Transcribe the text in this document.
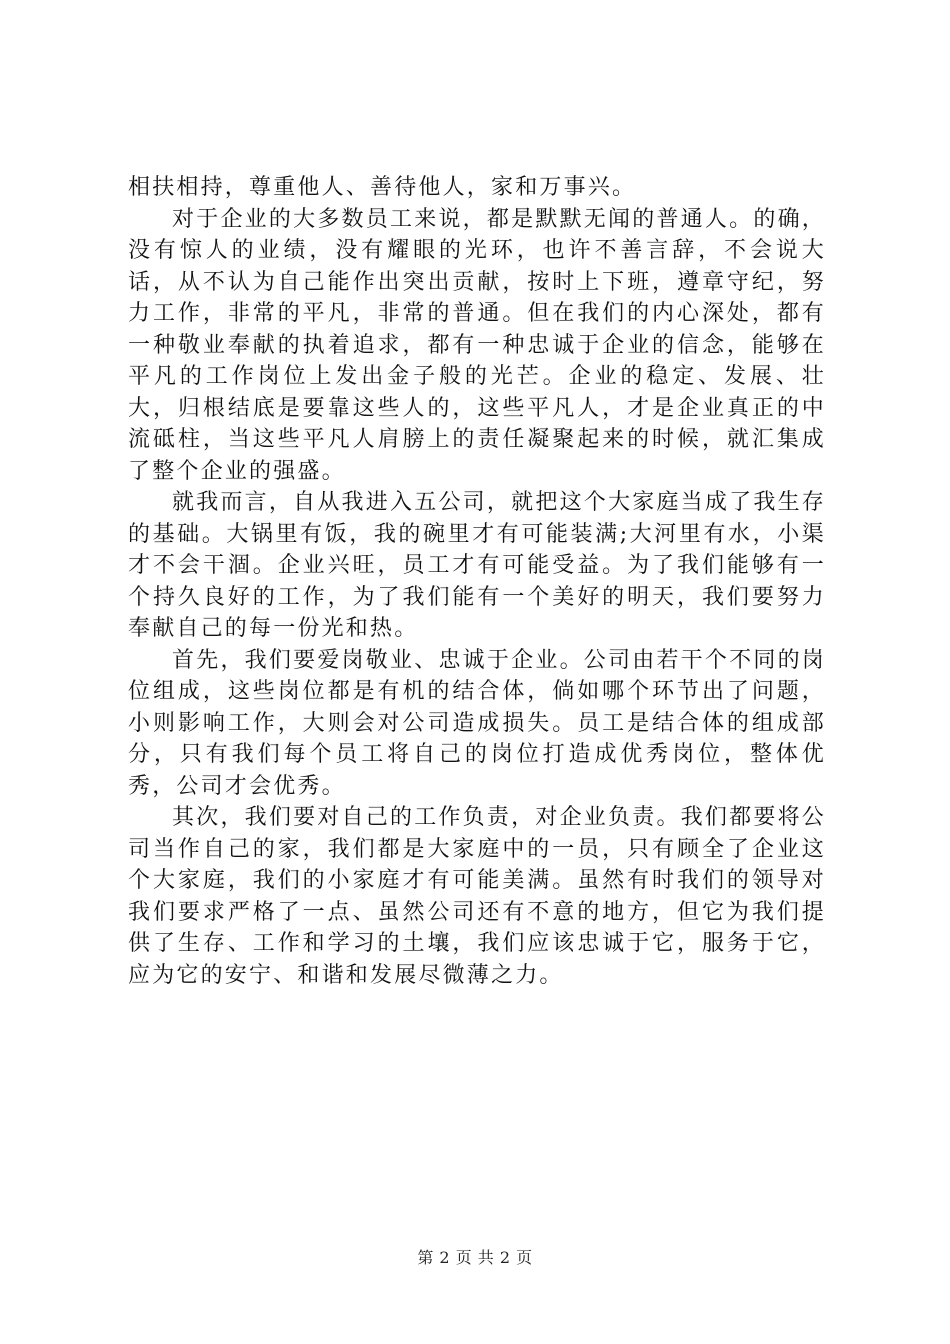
相扶相持，尊重他人、善待他人，家和万事兴。

对于企业的大多数员工来说，都是默默无闻的普通人。的确，没有惊人的业绩，没有耀眼的光环，也许不善言辞，不会说大话，从不认为自己能作出突出贡献，按时上下班，遵章守纪，努力工作，非常的平凡，非常的普通。但在我们的内心深处，都有一种敬业奉献的执着追求，都有一种忠诚于企业的信念，能够在平凡的工作岗位上发出金子般的光芒。企业的稳定、发展、壮大，归根结底是要靠这些人的，这些平凡人，才是企业真正的中流砥柱，当这些平凡人肩膀上的责任凝聚起来的时候，就汇集成了整个企业的强盛。

就我而言，自从我进入五公司，就把这个大家庭当成了我生存的基础。大锅里有饭，我的碗里才有可能装满;大河里有水，小渠才不会干涸。企业兴旺，员工才有可能受益。为了我们能够有一个持久良好的工作，为了我们能有一个美好的明天，我们要努力奉献自己的每一份光和热。

首先，我们要爱岗敬业、忠诚于企业。公司由若干个不同的岗位组成，这些岗位都是有机的结合体，倘如哪个环节出了问题，小则影响工作，大则会对公司造成损失。员工是结合体的组成部分，只有我们每个员工将自己的岗位打造成优秀岗位，整体优秀，公司才会优秀。

其次，我们要对自己的工作负责，对企业负责。我们都要将公司当作自己的家，我们都是大家庭中的一员，只有顾全了企业这个大家庭，我们的小家庭才有可能美满。虽然有时我们的领导对我们要求严格了一点、虽然公司还有不意的地方，但它为我们提供了生存、工作和学习的土壤，我们应该忠诚于它，服务于它，应为它的安宁、和谐和发展尽微薄之力。

第 2 页 共 2 页
